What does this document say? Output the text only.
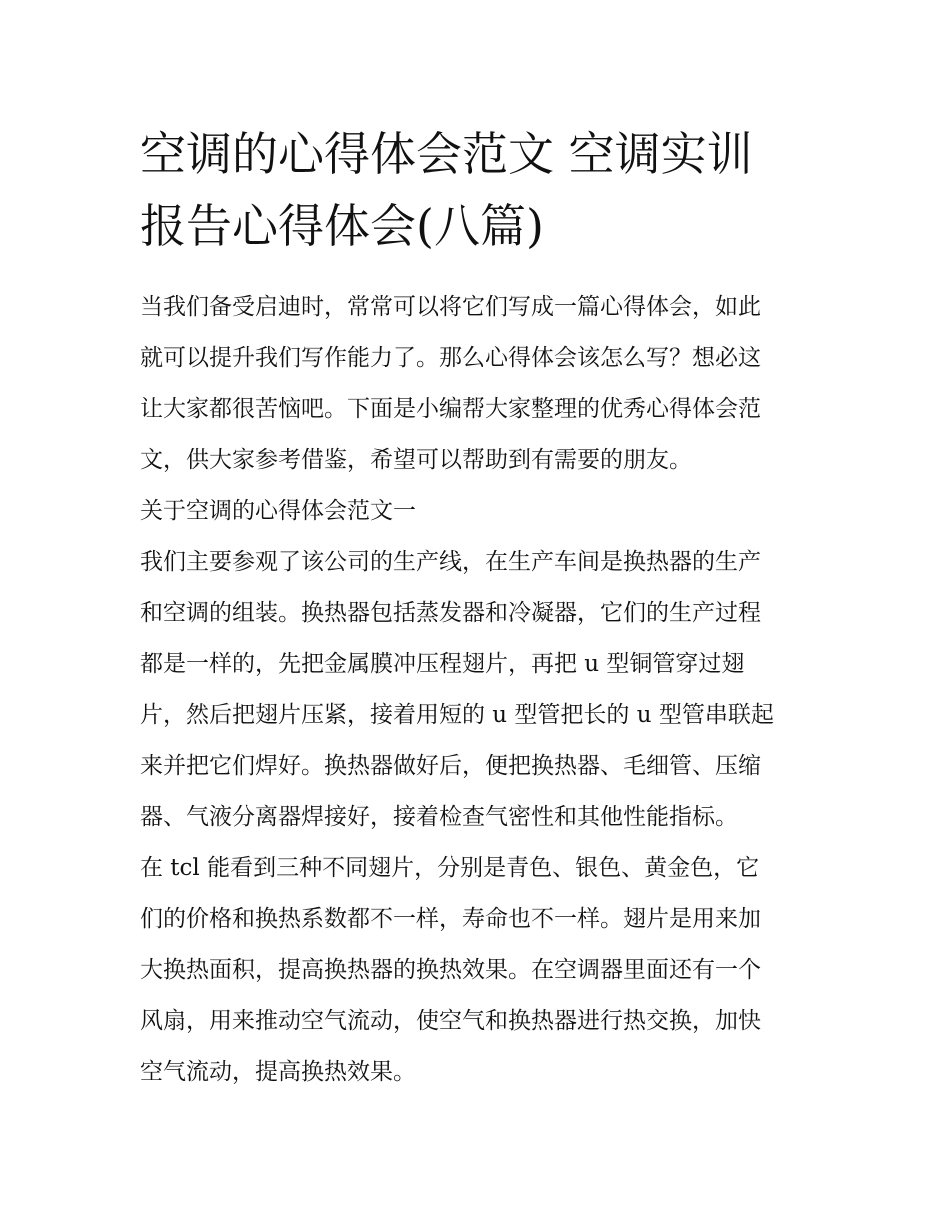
空调的心得体会范文 空调实训
报告心得体会(八篇)

当我们备受启迪时，常常可以将它们写成一篇心得体会，如此
就可以提升我们写作能力了。那么心得体会该怎么写？想必这
让大家都很苦恼吧。下面是小编帮大家整理的优秀心得体会范
文，供大家参考借鉴，希望可以帮助到有需要的朋友。

关于空调的心得体会范文一

我们主要参观了该公司的生产线，在生产车间是换热器的生产
和空调的组装。换热器包括蒸发器和冷凝器，它们的生产过程
都是一样的，先把金属膜冲压程翅片，再把 u 型铜管穿过翅
片，然后把翅片压紧，接着用短的 u 型管把长的 u 型管串联起
来并把它们焊好。换热器做好后，便把换热器、毛细管、压缩
器、气液分离器焊接好，接着检查气密性和其他性能指标。

在 tcl 能看到三种不同翅片，分别是青色、银色、黄金色，它
们的价格和换热系数都不一样，寿命也不一样。翅片是用来加
大换热面积，提高换热器的换热效果。在空调器里面还有一个
风扇，用来推动空气流动，使空气和换热器进行热交换，加快
空气流动，提高换热效果。
